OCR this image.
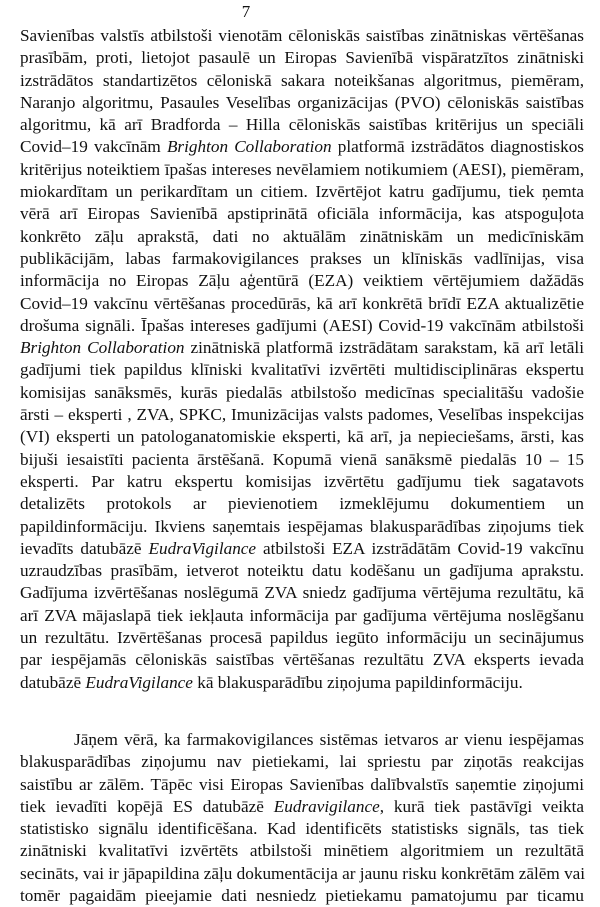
7
Savienības valstīs atbilstoši vienotām cēloniskās saistības zinātniskas vērtēšanas
prasībām, proti, lietojot pasaulē un Eiropas Savienībā vispāratzītos zinātniski
izstrādātos standartizētos cēloniskā sakara noteikšanas algoritmus, piemēram,
Naranjo algoritmu, Pasaules Veselības organizācijas (PVO) cēloniskās saistības
algoritmu, kā arī Bradforda – Hilla cēloniskās saistības kritērijus un speciāli
Covid–19 vakcīnām Brighton Collaboration platformā izstrādātos diagnostiskos
kritērijus noteiktiem īpašas intereses nevēlamiem notikumiem (AESI), piemēram,
miokardītam un perikardītam un citiem. Izvērtējot katru gadījumu, tiek ņemta
vērā arī Eiropas Savienībā apstiprinātā oficiāla informācija, kas atspoguļota
konkrēto zāļu aprakstā, dati no aktuālām zinātniskām un medicīniskām
publikācijām, labas farmakovigilances prakses un klīniskās vadlīnijas, visa
informācija no Eiropas Zāļu aģentūrā (EZA) veiktiem vērtējumiem dažādās
Covid–19 vakcīnu vērtēšanas procedūrās, kā arī konkrētā brīdī EZA aktualizētie
drošuma signāli. Īpašas intereses gadījumi (AESI) Covid-19 vakcīnām atbilstoši
Brighton Collaboration zinātniskā platformā izstrādātam sarakstam, kā arī letāli
gadījumi tiek papildus klīniski kvalitatīvi izvērtēti multidisciplināras ekspertu
komisijas sanāksmēs, kurās piedalās atbilstošo medicīnas specialitāšu vadošie
ārsti – eksperti , ZVA, SPKC, Imunizācijas valsts padomes, Veselības inspekcijas
(VI) eksperti un patologanatomiskie eksperti, kā arī, ja nepieciešams, ārsti, kas
bijuši iesaistīti pacienta ārstēšanā. Kopumā vienā sanāksmē piedalās 10 – 15
eksperti. Par katru ekspertu komisijas izvērtētu gadījumu tiek sagatavots
detalizēts protokols ar pievienotiem izmeklējumu dokumentiem un
papildinformāciju. Ikviens saņemtais iespējamas blakusparādības ziņojums tiek
ievadīts datubāzē EudraVigilance atbilstoši EZA izstrādātām Covid-19 vakcīnu
uzraudzības prasībām, ietverot noteiktu datu kodēšanu un gadījuma aprakstu.
Gadījuma izvērtēšanas noslēgumā ZVA sniedz gadījuma vērtējuma rezultātu, kā
arī ZVA mājaslapā tiek iekļauta informācija par gadījuma vērtējuma noslēgšanu
un rezultātu. Izvērtēšanas procesā papildus iegūto informāciju un secinājumus
par iespējamās cēloniskās saistības vērtēšanas rezultātu ZVA eksperts ievada
datubāzē EudraVigilance kā blakusparādību ziņojuma papildinformāciju.
Jāņem vērā, ka farmakovigilances sistēmas ietvaros ar vienu iespējamas
blakusparādības ziņojumu nav pietiekami, lai spriestu par ziņotās reakcijas
saistību ar zālēm. Tāpēc visi Eiropas Savienības dalībvalstīs saņemtie ziņojumi
tiek ievadīti kopējā ES datubāzē Eudravigilance, kurā tiek pastāvīgi veikta
statistisko signālu identificēšana. Kad identificēts statistisks signāls, tas tiek
zinātniski kvalitatīvi izvērtēts atbilstoši minētiem algoritmiem un rezultātā
secināts, vai ir jāpapildina zāļu dokumentācija ar jaunu risku konkrētām zālēm vai
tomēr pagaidām pieejamie dati nesniedz pietiekamu pamatojumu par ticamu
